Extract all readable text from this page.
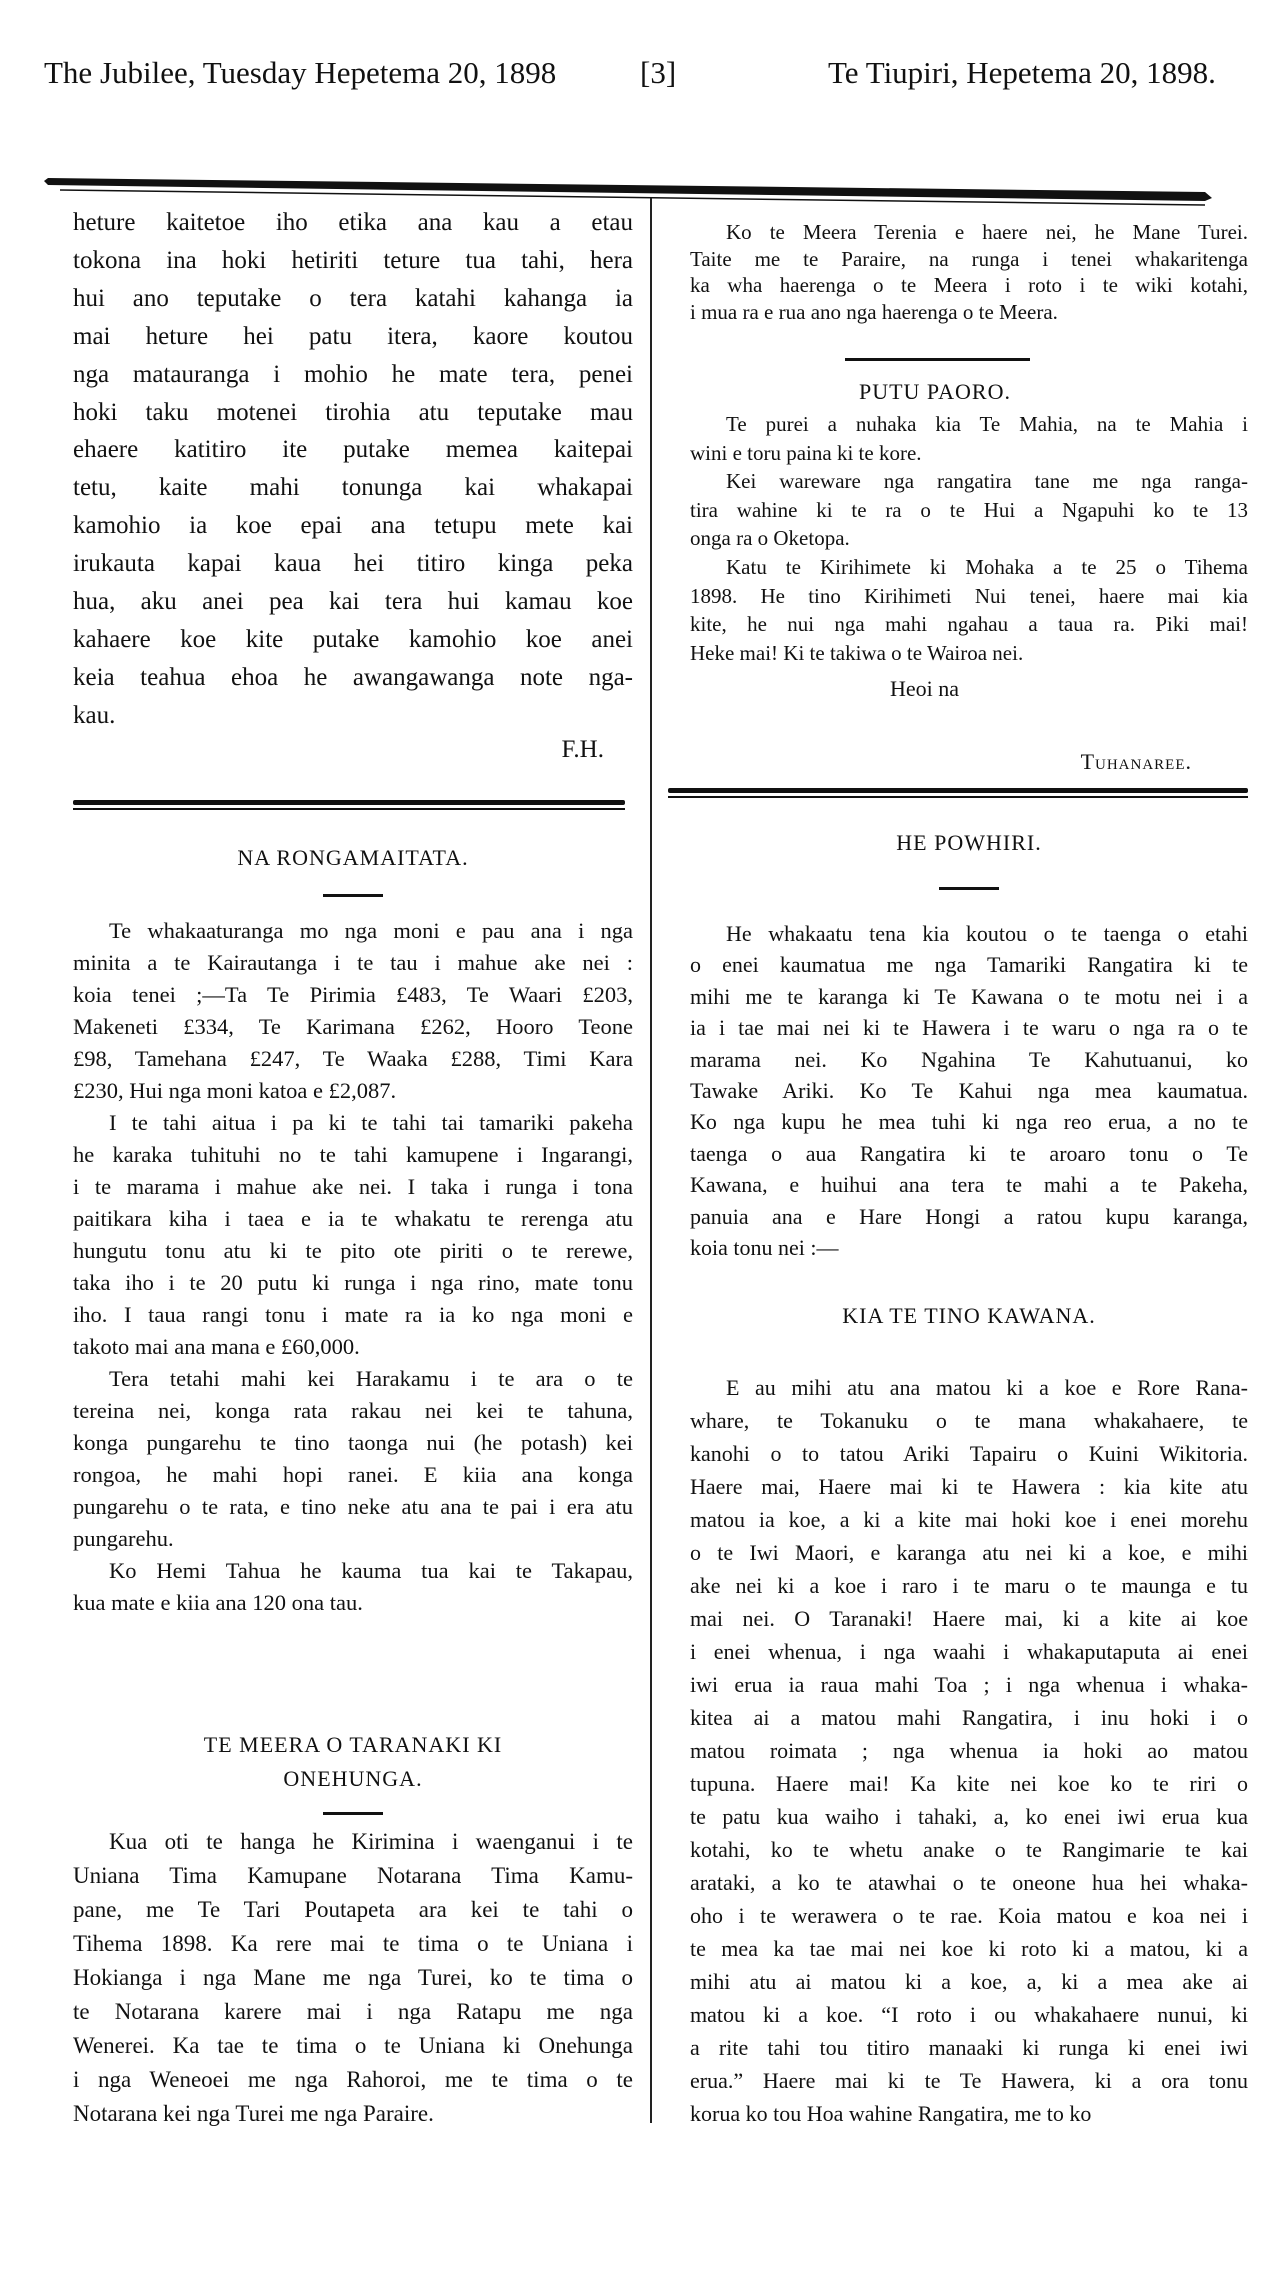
The Jubilee, Tuesday Hepetema 20, 1898	[3]	Te Tiupiri, Hepetema 20, 1898.
heture kaitetoe iho etika ana kau a etau
tokona ina hoki hetiriti teture tua tahi, hera
hui ano teputake o tera katahi kahanga ia
mai heture hei patu itera, kaore koutou
nga matauranga i mohio he mate tera, penei
hoki taku motenei tirohia atu teputake mau
ehaere katitiro ite putake memea kaitepai
tetu, kaite mahi tonunga kai whakapai
kamohio ia koe epai ana tetupu mete kai
irukauta kapai kaua hei titiro kinga peka
hua, aku anei pea kai tera hui kamau koe
kahaere koe kite putake kamohio koe anei
keia teahua ehoa he awangawanga note nga-
kau.
F.H.
NA RONGAMAITATA.
Te whakaaturanga mo nga moni e pau ana i nga
minita a te Kairautanga i te tau i mahue ake nei :
koia tenei ;—Ta Te Pirimia £483, Te Waari £203,
Makeneti £334, Te Karimana £262, Hooro Teone
£98, Tamehana £247, Te Waaka £288, Timi Kara
£230, Hui nga moni katoa e £2,087.
I te tahi aitua i pa ki te tahi tai tamariki pakeha
he karaka tuhituhi no te tahi kamupene i Ingarangi,
i te marama i mahue ake nei. I taka i runga i tona
paitikara kiha i taea e ia te whakatu te rerenga atu
hungutu tonu atu ki te pito ote piriti o te rerewe,
taka iho i te 20 putu ki runga i nga rino, mate tonu
iho. I taua rangi tonu i mate ra ia ko nga moni e
takoto mai ana mana e £60,000.
Tera tetahi mahi kei Harakamu i te ara o te
tereina nei, konga rata rakau nei kei te tahuna,
konga pungarehu te tino taonga nui (he potash) kei
rongoa, he mahi hopi ranei. E kiia ana konga
pungarehu o te rata, e tino neke atu ana te pai i era atu
pungarehu.
Ko Hemi Tahua he kauma tua kai te Takapau,
kua mate e kiia ana 120 ona tau.
TE MEERA O TARANAKI KI
ONEHUNGA.
Kua oti te hanga he Kirimina i waenganui i te
Uniana Tima Kamupane Notarana Tima Kamu-
pane, me Te Tari Poutapeta ara kei te tahi o
Tihema 1898. Ka rere mai te tima o te Uniana i
Hokianga i nga Mane me nga Turei, ko te tima o
te Notarana karere mai i nga Ratapu me nga
Wenerei. Ka tae te tima o te Uniana ki Onehunga
i nga Weneoei me nga Rahoroi, me te tima o te
Notarana kei nga Turei me nga Paraire.
Ko te Meera Terenia e haere nei, he Mane Turei.
Taite me te Paraire, na runga i tenei whakaritenga
ka wha haerenga o te Meera i roto i te wiki kotahi,
i mua ra e rua ano nga haerenga o te Meera.
PUTU PAORO.
Te purei a nuhaka kia Te Mahia, na te Mahia i
wini e toru paina ki te kore.
Kei wareware nga rangatira tane me nga ranga-
tira wahine ki te ra o te Hui a Ngapuhi ko te 13
onga ra o Oketopa.
Katu te Kirihimete ki Mohaka a te 25 o Tihema
1898. He tino Kirihimeti Nui tenei, haere mai kia
kite, he nui nga mahi ngahau a taua ra. Piki mai!
Heke mai! Ki te takiwa o te Wairoa nei.
Heoi na
Tuhanaree.
HE POWHIRI.
He whakaatu tena kia koutou o te taenga o etahi
o enei kaumatua me nga Tamariki Rangatira ki te
mihi me te karanga ki Te Kawana o te motu nei i a
ia i tae mai nei ki te Hawera i te waru o nga ra o te
marama nei. Ko Ngahina Te Kahutuanui, ko
Tawake Ariki. Ko Te Kahui nga mea kaumatua.
Ko nga kupu he mea tuhi ki nga reo erua, a no te
taenga o aua Rangatira ki te aroaro tonu o Te
Kawana, e huihui ana tera te mahi a te Pakeha,
panuia ana e Hare Hongi a ratou kupu karanga,
koia tonu nei :—
KIA TE TINO KAWANA.
E au mihi atu ana matou ki a koe e Rore Rana-
whare, te Tokanuku o te mana whakahaere, te
kanohi o to tatou Ariki Tapairu o Kuini Wikitoria.
Haere mai, Haere mai ki te Hawera : kia kite atu
matou ia koe, a ki a kite mai hoki koe i enei morehu
o te Iwi Maori, e karanga atu nei ki a koe, e mihi
ake nei ki a koe i raro i te maru o te maunga e tu
mai nei. O Taranaki! Haere mai, ki a kite ai koe
i enei whenua, i nga waahi i whakaputaputa ai enei
iwi erua ia raua mahi Toa ; i nga whenua i whaka-
kitea ai a matou mahi Rangatira, i inu hoki i o
matou roimata ; nga whenua ia hoki ao matou
tupuna. Haere mai! Ka kite nei koe ko te riri o
te patu kua waiho i tahaki, a, ko enei iwi erua kua
kotahi, ko te whetu anake o te Rangimarie te kai
arataki, a ko te atawhai o te oneone hua hei whaka-
oho i te werawera o te rae. Koia matou e koa nei i
te mea ka tae mai nei koe ki roto ki a matou, ki a
mihi atu ai matou ki a koe, a, ki a mea ake ai
matou ki a koe. “I roto i ou whakahaere nunui, ki
a rite tahi tou titiro manaaki ki runga ki enei iwi
erua.” Haere mai ki te Te Hawera, ki a ora tonu
korua ko tou Hoa wahine Rangatira, me to ko
